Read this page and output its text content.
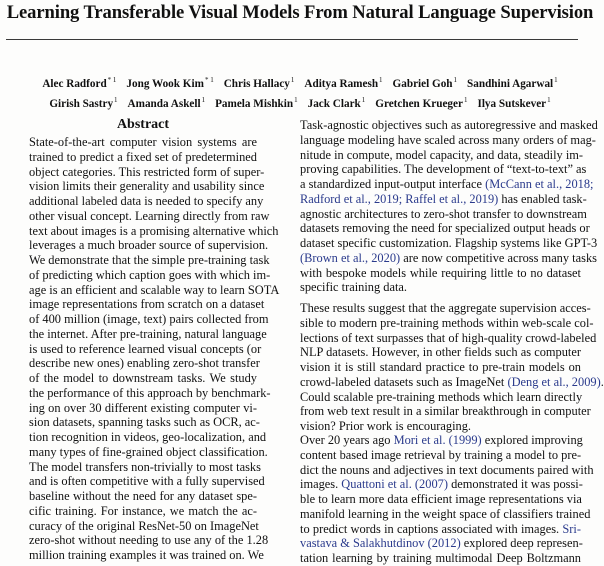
Learning Transferable Visual Models From Natural Language Supervision
Alec Radford$^{* 1}$ Jong Wook Kim$^{* 1}$ Chris Hallacy$^1$ Aditya Ramesh$^1$ Gabriel Goh$^1$ Sandhini Agarwal$^1$
Girish Sastry$^1$ Amanda Askell$^1$ Pamela Mishkin$^1$ Jack Clark$^1$ Gretchen Krueger$^1$ Ilya Sutskever$^1$
Abstract
State-of-the-art computer vision systems are
trained to predict a fixed set of predetermined
object categories. This restricted form of super-
vision limits their generality and usability since
additional labeled data is needed to specify any
other visual concept. Learning directly from raw
text about images is a promising alternative which
leverages a much broader source of supervision.
We demonstrate that the simple pre-training task
of predicting which caption goes with which im-
age is an efficient and scalable way to learn SOTA
image representations from scratch on a dataset
of 400 million (image, text) pairs collected from
the internet. After pre-training, natural language
is used to reference learned visual concepts (or
describe new ones) enabling zero-shot transfer
of the model to downstream tasks. We study
the performance of this approach by benchmark-
ing on over 30 different existing computer vi-
sion datasets, spanning tasks such as OCR, ac-
tion recognition in videos, geo-localization, and
many types of fine-grained object classification.
The model transfers non-trivially to most tasks
and is often competitive with a fully supervised
baseline without the need for any dataset spe-
cific training. For instance, we match the ac-
curacy of the original ResNet-50 on ImageNet
zero-shot without needing to use any of the 1.28
million training examples it was trained on. We
Task-agnostic objectives such as autoregressive and masked
language modeling have scaled across many orders of mag-
nitude in compute, model capacity, and data, steadily im-
proving capabilities. The development of “text-to-text” as
a standardized input-output interface (McCann et al., 2018;
Radford et al., 2019; Raffel et al., 2019) has enabled task-
agnostic architectures to zero-shot transfer to downstream
datasets removing the need for specialized output heads or
dataset specific customization. Flagship systems like GPT-3
(Brown et al., 2020) are now competitive across many tasks
with bespoke models while requiring little to no dataset
specific training data.
These results suggest that the aggregate supervision acces-
sible to modern pre-training methods within web-scale col-
lections of text surpasses that of high-quality crowd-labeled
NLP datasets. However, in other fields such as computer
vision it is still standard practice to pre-train models on
crowd-labeled datasets such as ImageNet (Deng et al., 2009).
Could scalable pre-training methods which learn directly
from web text result in a similar breakthrough in computer
vision? Prior work is encouraging.
Over 20 years ago Mori et al. (1999) explored improving
content based image retrieval by training a model to pre-
dict the nouns and adjectives in text documents paired with
images. Quattoni et al. (2007) demonstrated it was possi-
ble to learn more data efficient image representations via
manifold learning in the weight space of classifiers trained
to predict words in captions associated with images. Sri-
vastava & Salakhutdinov (2012) explored deep represen-
tation learning by training multimodal Deep Boltzmann
